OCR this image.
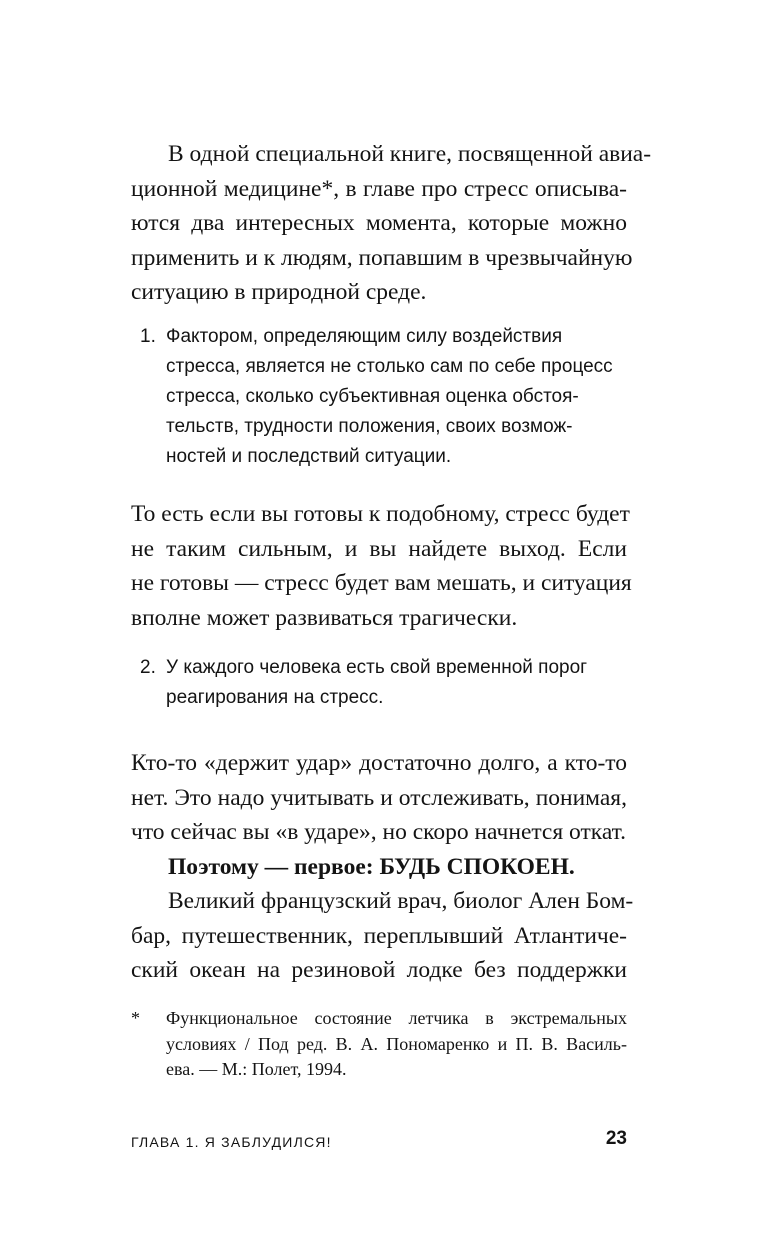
В одной специальной книге, посвященной авиа-
ционной медицине*, в главе про стресс описыва-
ются два интересных момента, которые можно
применить и к людям, попавшим в чрезвычайную
ситуацию в природной среде.
1. Фактором, определяющим силу воздействия
стресса, является не столько сам по себе процесс
стресса, сколько субъективная оценка обстоя-
тельств, трудности положения, своих возмож-
ностей и последствий ситуации.
То есть если вы готовы к подобному, стресс будет
не таким сильным, и вы найдете выход. Если
не готовы — стресс будет вам мешать, и ситуация
вполне может развиваться трагически.
2. У каждого человека есть свой временной порог
реагирования на стресс.
Кто-то «держит удар» достаточно долго, а кто-то
нет. Это надо учитывать и отслеживать, понимая,
что сейчас вы «в ударе», но скоро начнется откат.
Поэтому — первое: БУДЬ СПОКОЕН.
Великий французский врач, биолог Ален Бом-
бар, путешественник, переплывший Атлантиче-
ский океан на резиновой лодке без поддержки
* Функциональное состояние летчика в экстремальных
условиях / Под ред. В. А. Пономаренко и П. В. Василь-
ева. — М.: Полет, 1994.
ГЛАВА 1. Я ЗАБЛУДИЛСЯ!	23
